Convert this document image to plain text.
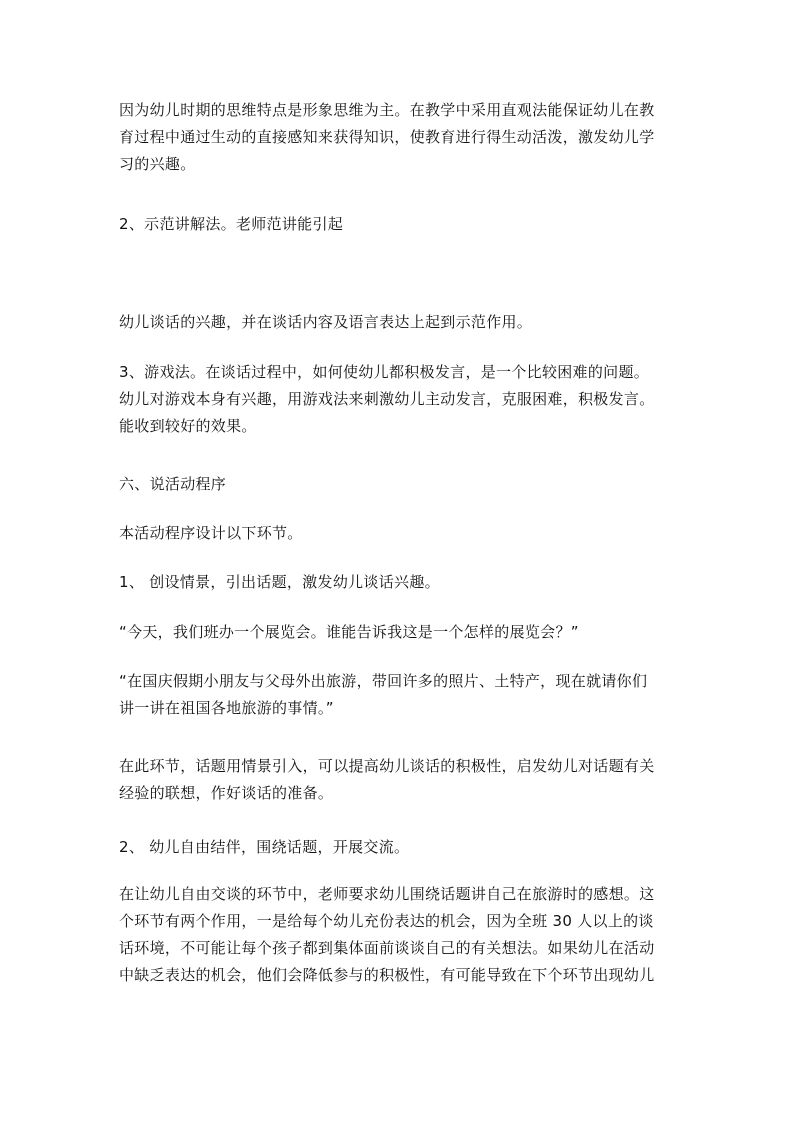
因为幼儿时期的思维特点是形象思维为主。在教学中采用直观法能保证幼儿在教
育过程中通过生动的直接感知来获得知识，使教育进行得生动活泼，激发幼儿学
习的兴趣。

2、示范讲解法。老师范讲能引起

幼儿谈话的兴趣，并在谈话内容及语言表达上起到示范作用。

3、游戏法。在谈话过程中，如何使幼儿都积极发言，是一个比较困难的问题。
幼儿对游戏本身有兴趣，用游戏法来刺激幼儿主动发言，克服困难，积极发言。
能收到较好的效果。

六、说活动程序

本活动程序设计以下环节。

1、 创设情景，引出话题，激发幼儿谈话兴趣。

“今天，我们班办一个展览会。谁能告诉我这是一个怎样的展览会？”

“在国庆假期小朋友与父母外出旅游，带回许多的照片、土特产，现在就请你们
讲一讲在祖国各地旅游的事情。”

在此环节，话题用情景引入，可以提高幼儿谈话的积极性，启发幼儿对话题有关
经验的联想，作好谈话的准备。

2、 幼儿自由结伴，围绕话题，开展交流。

在让幼儿自由交谈的环节中，老师要求幼儿围绕话题讲自己在旅游时的感想。这
个环节有两个作用，一是给每个幼儿充份表达的机会，因为全班 30 人以上的谈
话环境，不可能让每个孩子都到集体面前谈谈自己的有关想法。如果幼儿在活动
中缺乏表达的机会，他们会降低参与的积极性，有可能导致在下个环节出现幼儿
